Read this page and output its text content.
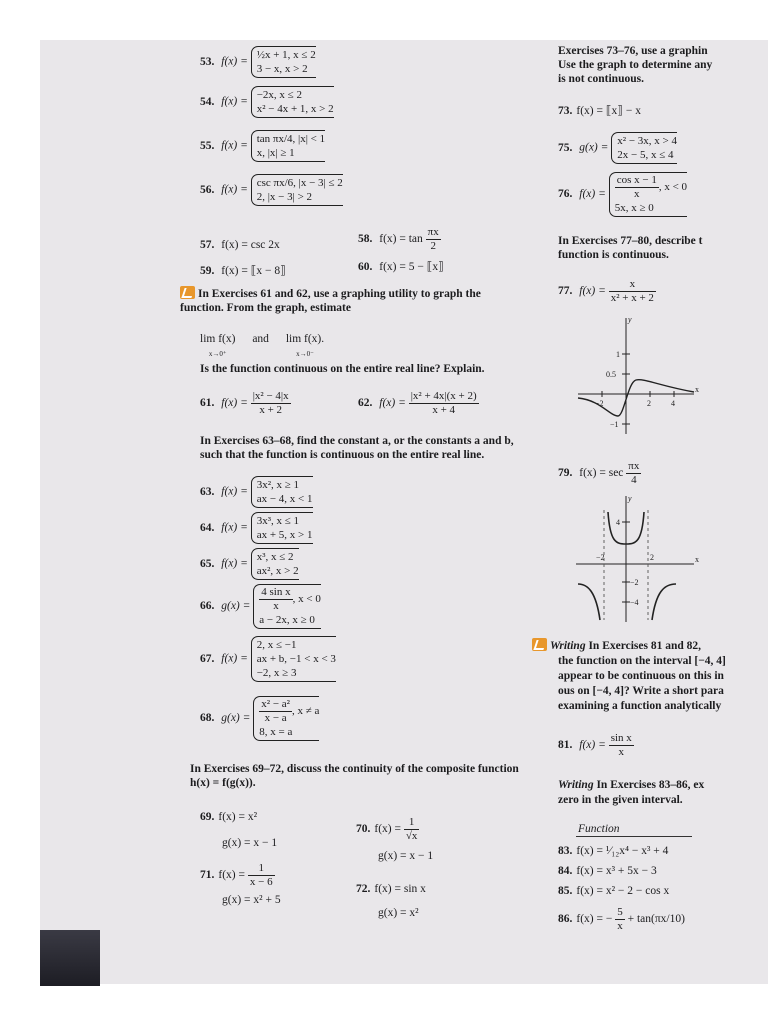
53. f(x) =
½x + 1, x ≤ 2
3 − x, x > 2
54. f(x) =
−2x, x ≤ 2
x² − 4x + 1, x > 2
55. f(x) =
tan πx/4, |x| < 1
x, |x| ≥ 1
56. f(x) =
csc πx/6, |x − 3| ≤ 2
2, |x − 3| > 2
57. f(x) = csc 2x	58. $f(x) = \tan \frac{\pi x}{2}$
59. f(x) = ⟦x − 8⟧	60. f(x) = 5 − ⟦x⟧
In Exercises 61 and 62, use a graphing utility to graph the function. From the graph, estimate
lim f(x)
x→0⁺ and lim f(x).
x→0⁻
Is the function continuous on the entire real line? Explain.
61. $f(x) = \frac{\text{|x² − 4|x}}{x + 2}$	62. $f(x) = \frac{\text{|x² + 4x|(x + 2)}}{x + 4}$
In Exercises 63–68, find the constant a, or the constants a and b, such that the function is continuous on the entire real line.
63. f(x) =
3x², x ≥ 1
ax − 4, x < 1
64. f(x) =
3x³, x ≤ 1
ax + 5, x > 1
65. f(x) =
x³, x ≤ 2
ax², x > 2
66. $g(x) = \frac{\text{4 sin x}}{x}$ , x < 0
a − 2x, x ≥ 0
67. f(x) =
2, x ≤ −1
ax + b, −1 < x < 3
−2, x ≥ 3
68. $g(x) = \frac{\text{x² − a²}}{x - a}$ , x ≠ a
8, x = a
In Exercises 69–72, discuss the continuity of the composite function h(x) = f(g(x)).
69. f(x) = x²
g(x) = x − 1
70. $f(x) = \frac{1}{√x}$
g(x) = x − 1
71. $f(x) = \frac{1}{x - 6}$
g(x) = x² + 5
72. f(x) = sin x
g(x) = x²
Exercises 73–76, use a graphin
Use the graph to determine any
is not continuous.
73. f(x) = ⟦x⟧ − x
75. g(x) =
x² − 3x, x > 4
2x − 5, x ≤ 4
76. $f(x) = \frac{\text{cos x − 1}}{x}$ , x < 0
5x, x ≥ 0
In Exercises 77–80, describe t
function is continuous.
77. $f(x) = \frac{x}{\text{x² + x + 2}}$
y
x
1
0.5
−2	2	4
−1
79. $f(x) = \sec \frac{\pi x}{4}$
y
x
4
−2	2
−2
−4
Writing In Exercises 81 and 82,
the function on the interval [−4, 4]
appear to be continuous on this in
ous on [−4, 4]? Write a short para
examining a function analytically
81. $f(x) = \frac{\text{sin x}}{x}$
Writing In Exercises 83–86, ex
zero in the given interval.
Function
83. f(x) = ¹⁄₁₂x⁴ − x³ + 4
84. f(x) = x³ + 5x − 3
85. f(x) = x² − 2 − cos x
86. f(x) = − $\frac{5}{x} + \tan(\pi x/10)$
